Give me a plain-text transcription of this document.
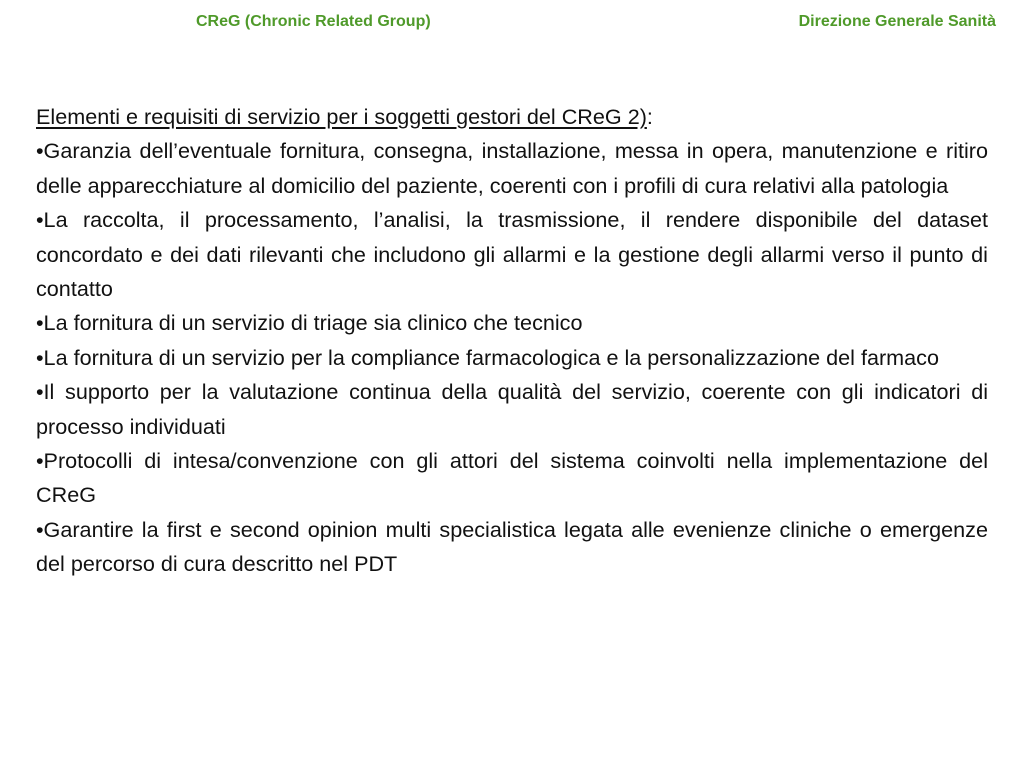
CReG (Chronic Related Group)	Direzione Generale Sanità

Elementi e requisiti di servizio per i soggetti gestori del CReG 2):

•Garanzia dell’eventuale fornitura, consegna, installazione, messa in opera, manutenzione e ritiro delle apparecchiature al domicilio del paziente, coerenti con i profili di cura relativi alla patologia

•La raccolta, il processamento, l’analisi, la trasmissione, il rendere disponibile del dataset concordato e dei dati rilevanti che includono gli allarmi e la gestione degli allarmi verso il punto di contatto

•La fornitura di un servizio di triage sia clinico che tecnico

•La fornitura di un servizio per la compliance farmacologica e la personalizzazione del farmaco

•Il supporto per la valutazione continua della qualità del servizio, coerente con gli indicatori di processo individuati

•Protocolli di intesa/convenzione con gli attori del sistema coinvolti nella implementazione del CReG

•Garantire la first e second opinion multi specialistica legata alle evenienze cliniche o emergenze del percorso di cura descritto nel PDT
